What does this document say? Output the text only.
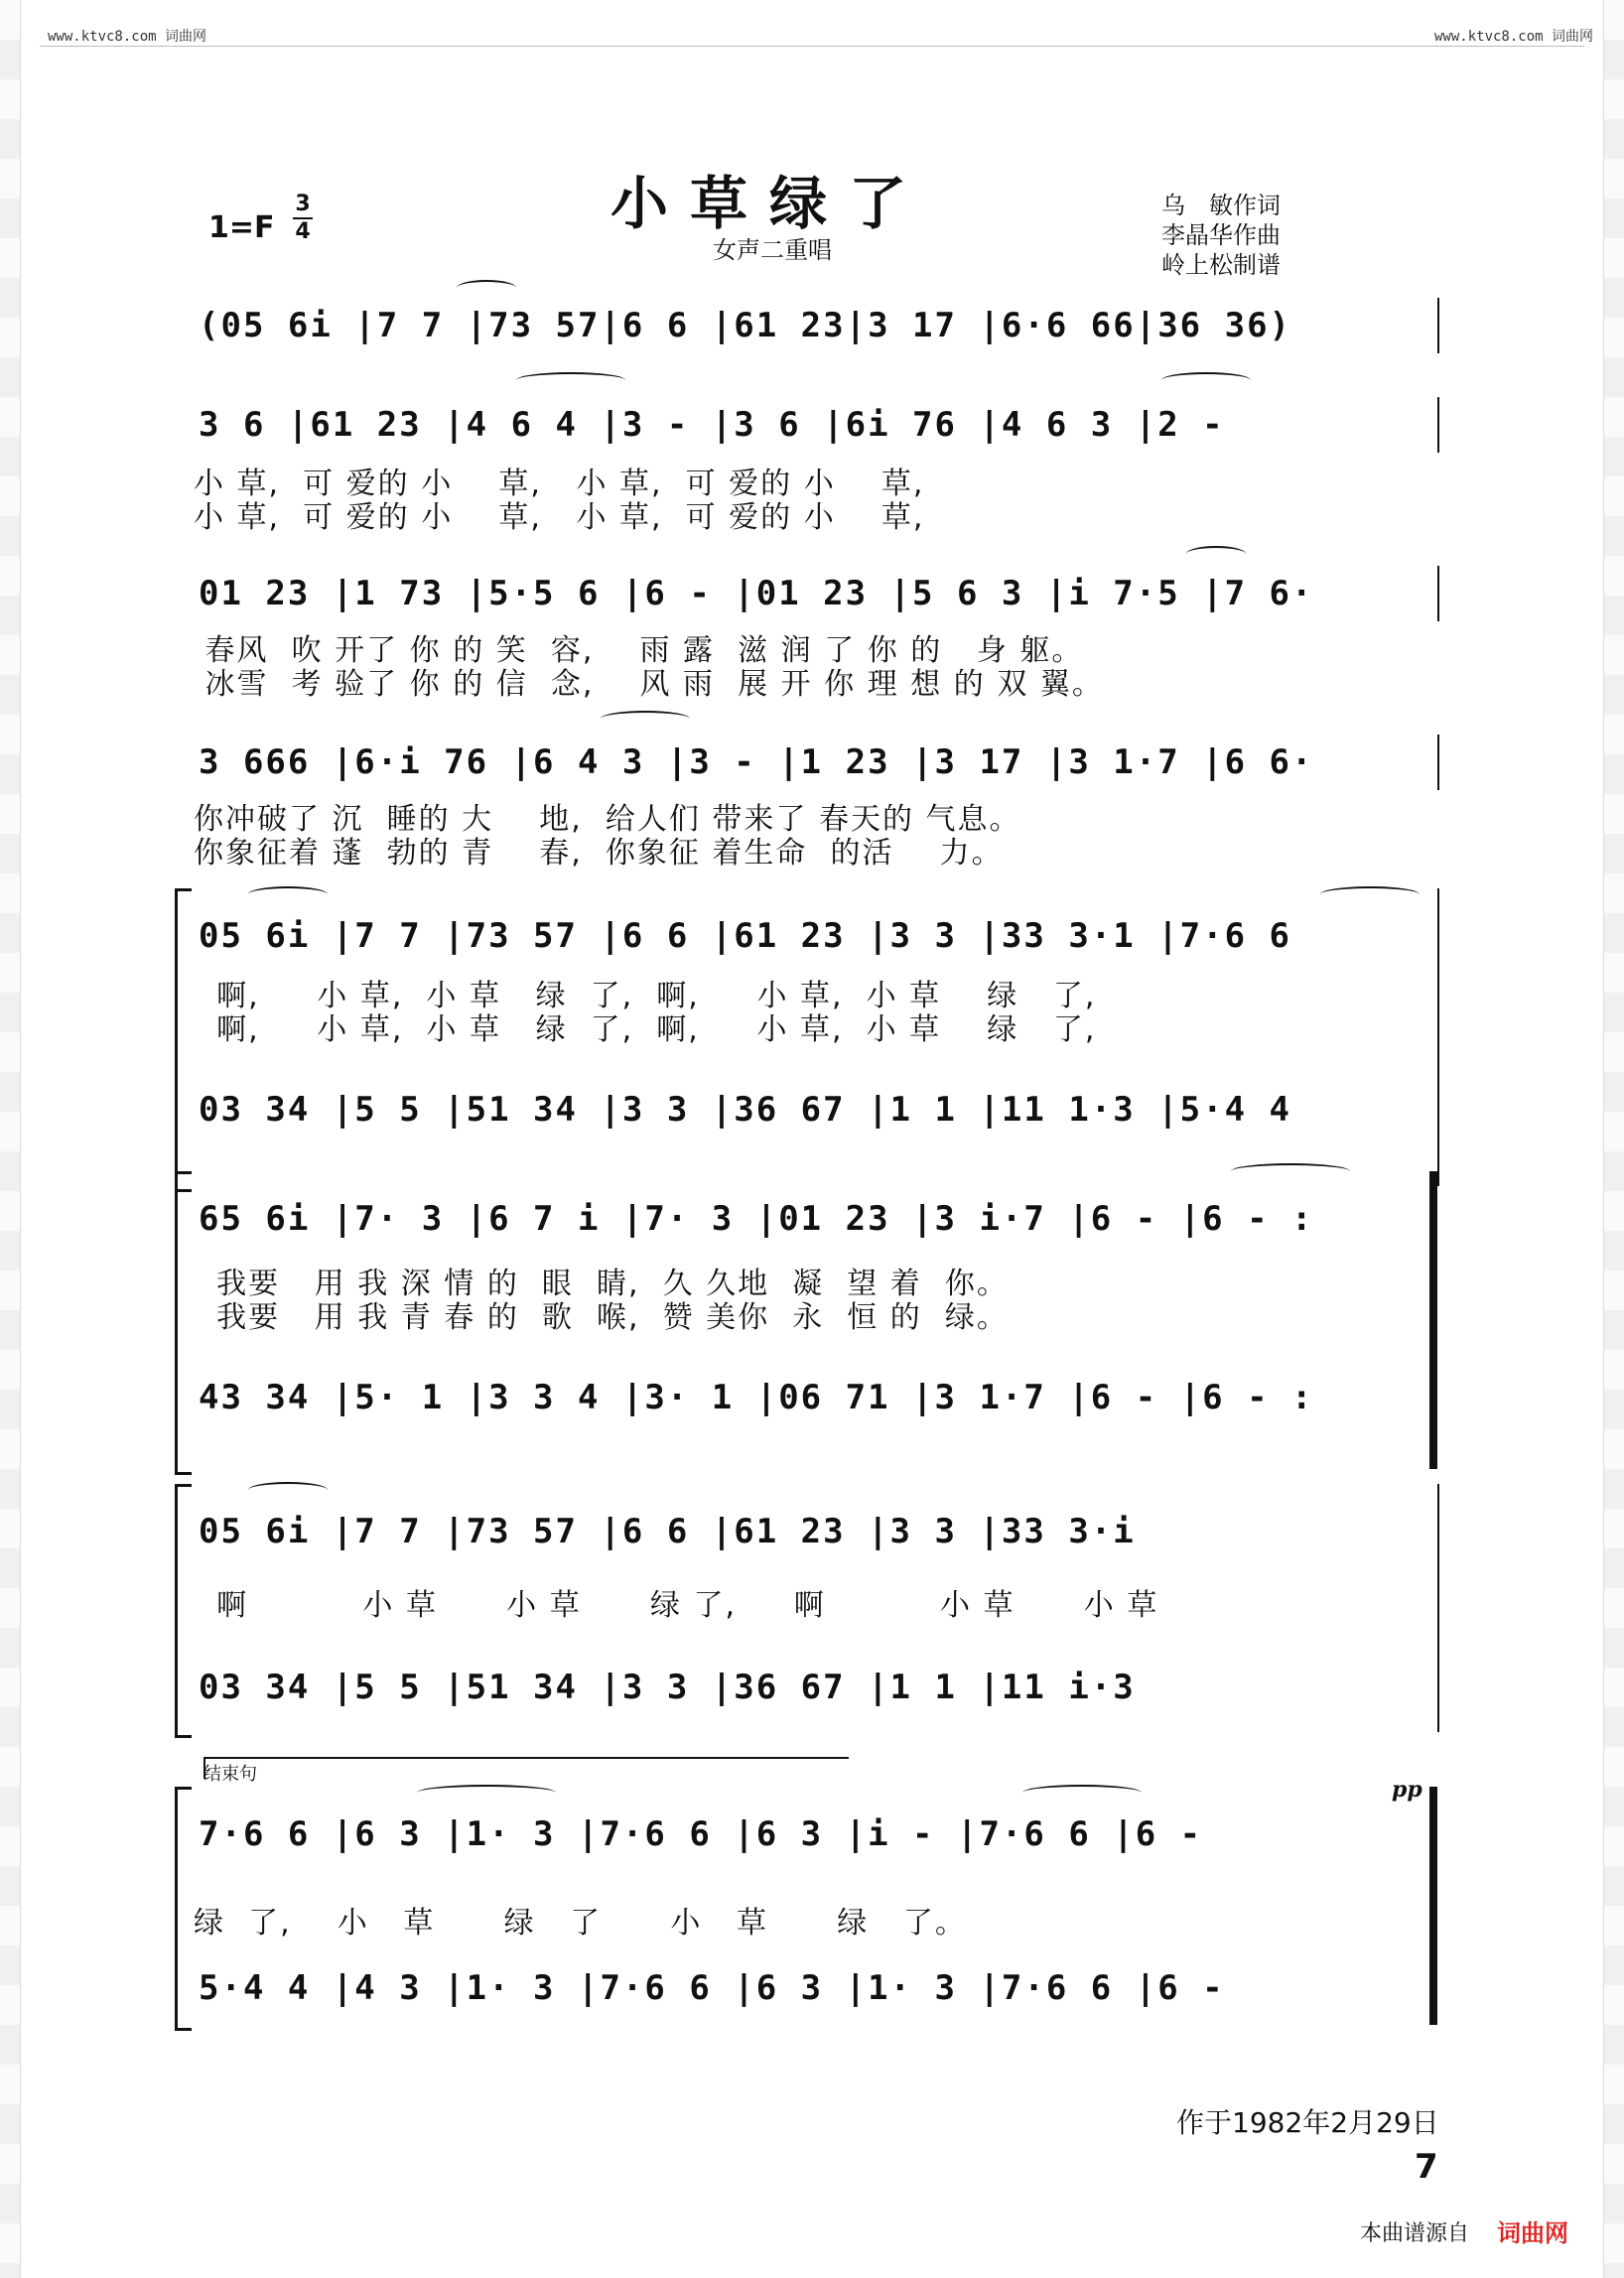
www.ktvc8.com 词曲网	www.ktvc8.com 词曲网
小草绿了
女声二重唱
$1=F \frac{3}{4}$	乌　敏作词
李晶华作曲
岭上松制谱
(05 6i |7 7 |73 57|6 6 |61 23|3 17 |6·6 66|36 36)
3 6 |61 23 |4 6 4 |3 - |3 6 |6i 76 |4 6 3 |2 -
小 草,  可 爱的 小    草,   小 草,  可 爱的 小    草,
小 草,  可 爱的 小    草,   小 草,  可 爱的 小    草,
01 23 |1 73 |5·5 6 |6 - |01 23 |5 6 3 |i 7·5 |7 6·
春风  吹 开了 你 的 笑  容,    雨 露  滋 润 了 你 的   身 躯。
冰雪  考 验了 你 的 信  念,    风 雨  展 开 你 理 想 的 双 翼。
3 666 |6·i 76 |6 4 3 |3 - |1 23 |3 17 |3 1·7 |6 6·
你冲破了 沉  睡的 大    地,  给人们 带来了 春天的 气息。
你象征着 蓬  勃的 青    春,  你象征 着生命  的活    力。
05 6i |7 7 |73 57 |6 6 |61 23 |3 3 |33 3·1 |7·6 6
啊,     小 草,  小 草   绿  了,  啊,     小 草,  小 草    绿   了,
啊,     小 草,  小 草   绿  了,  啊,     小 草,  小 草    绿   了,
03 34 |5 5 |51 34 |3 3 |36 67 |1 1 |11 1·3 |5·4 4
65 6i |7· 3 |6 7 i |7· 3 |01 23 |3 i·7 |6 - |6 - :
我要   用 我 深 情 的  眼  睛,  久 久地  凝  望 着  你。
我要   用 我 青 春 的  歌  喉,  赞 美你  永  恒 的  绿。
43 34 |5· 1 |3 3 4 |3· 1 |06 71 |3 1·7 |6 - |6 - :
05 6i |7 7 |73 57 |6 6 |61 23 |3 3 |33 3·i
啊          小 草      小 草      绿 了,     啊          小 草      小 草
03 34 |5 5 |51 34 |3 3 |36 67 |1 1 |11 i·3
结束句
pp
7·6 6 |6 3 |1· 3 |7·6 6 |6 3 |i - |7·6 6 |6 -
绿  了,    小   草      绿   了      小   草      绿   了。
5·4 4 |4 3 |1· 3 |7·6 6 |6 3 |1· 3 |7·6 6 |6 -
作于1982年2月29日
7
本曲谱源自 词曲网
